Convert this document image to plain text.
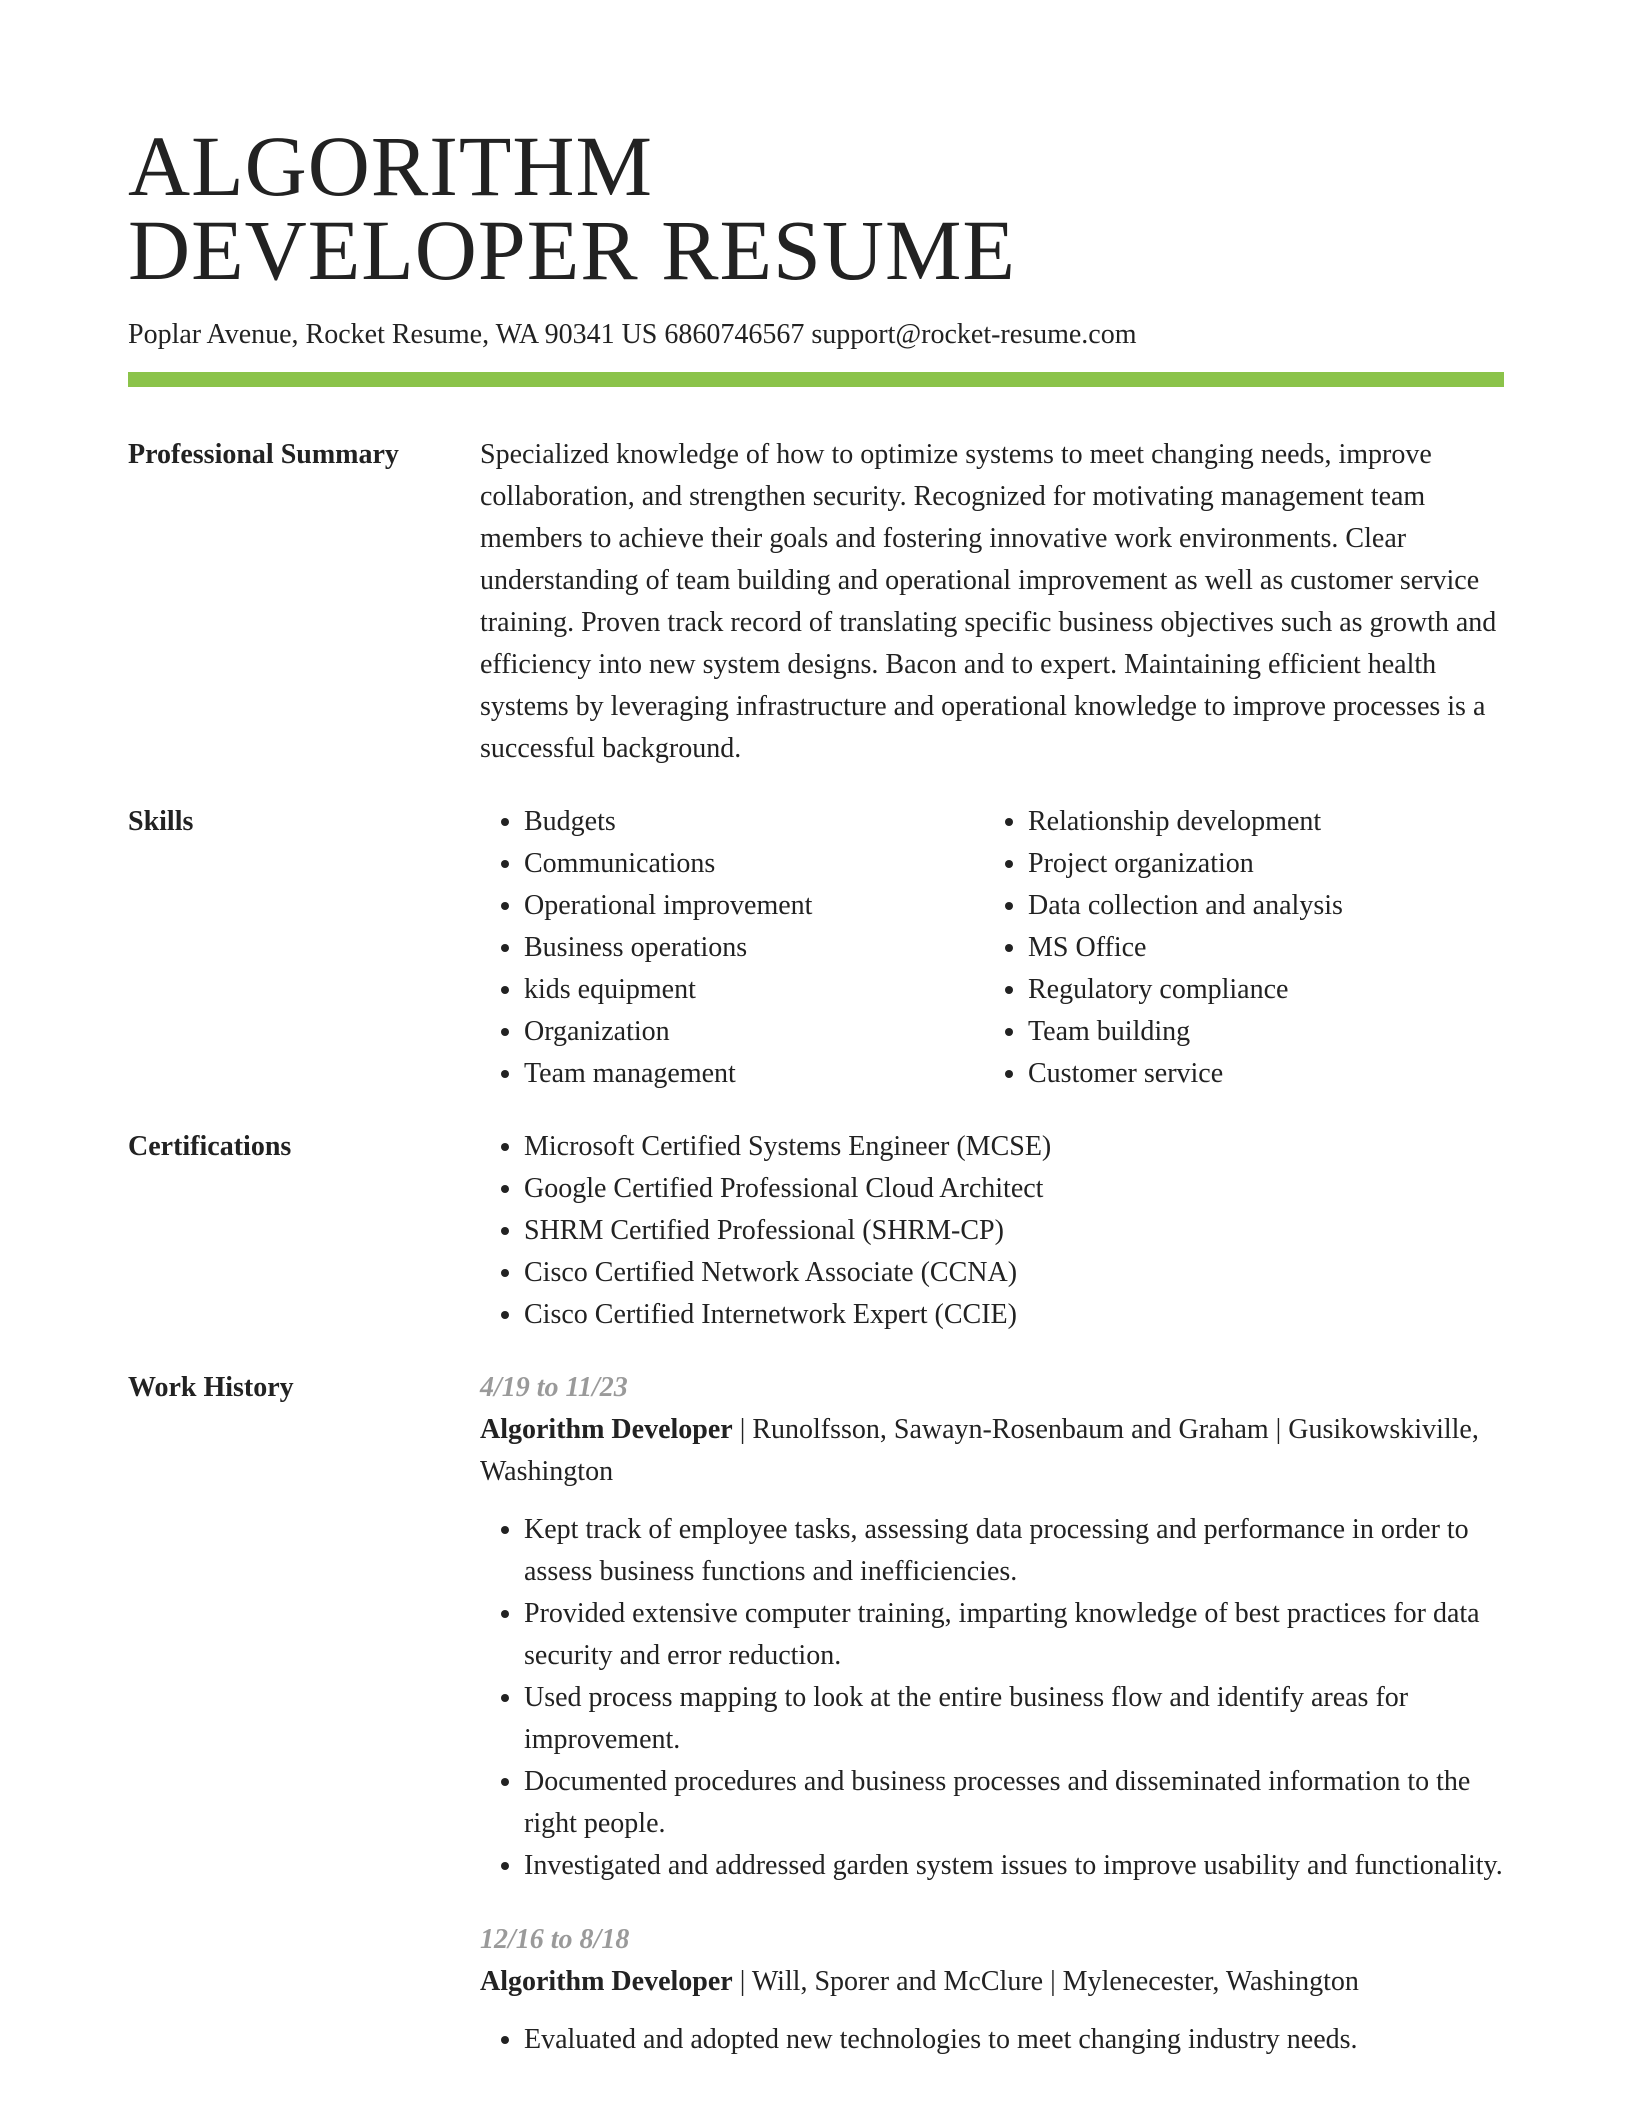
ALGORITHM
DEVELOPER RESUME
Poplar Avenue, Rocket Resume, WA 90341 US 6860746567 support@rocket-resume.com
Professional Summary	Specialized knowledge of how to optimize systems to meet changing needs, improve collaboration, and strengthen security. Recognized for motivating management team members to achieve their goals and fostering innovative work environments. Clear understanding of team building and operational improvement as well as customer service training. Proven track record of translating specific business objectives such as growth and efficiency into new system designs. Bacon and to expert. Maintaining efficient health systems by leveraging infrastructure and operational knowledge to improve processes is a successful background.
Skills	• Budgets
• Communications
• Operational improvement
• Business operations
• kids equipment
• Organization
• Team management
• Relationship development
• Project organization
• Data collection and analysis
• MS Office
• Regulatory compliance
• Team building
• Customer service
Certifications	• Microsoft Certified Systems Engineer (MCSE)
• Google Certified Professional Cloud Architect
• SHRM Certified Professional (SHRM-CP)
• Cisco Certified Network Associate (CCNA)
• Cisco Certified Internetwork Expert (CCIE)
Work History	4/19 to 11/23
Algorithm Developer | Runolfsson, Sawayn-Rosenbaum and Graham | Gusikowskiville, Washington
• Kept track of employee tasks, assessing data processing and performance in order to assess business functions and inefficiencies.
• Provided extensive computer training, imparting knowledge of best practices for data security and error reduction.
• Used process mapping to look at the entire business flow and identify areas for improvement.
• Documented procedures and business processes and disseminated information to the right people.
• Investigated and addressed garden system issues to improve usability and functionality.
12/16 to 8/18
Algorithm Developer | Will, Sporer and McClure | Mylenecester, Washington
• Evaluated and adopted new technologies to meet changing industry needs.
